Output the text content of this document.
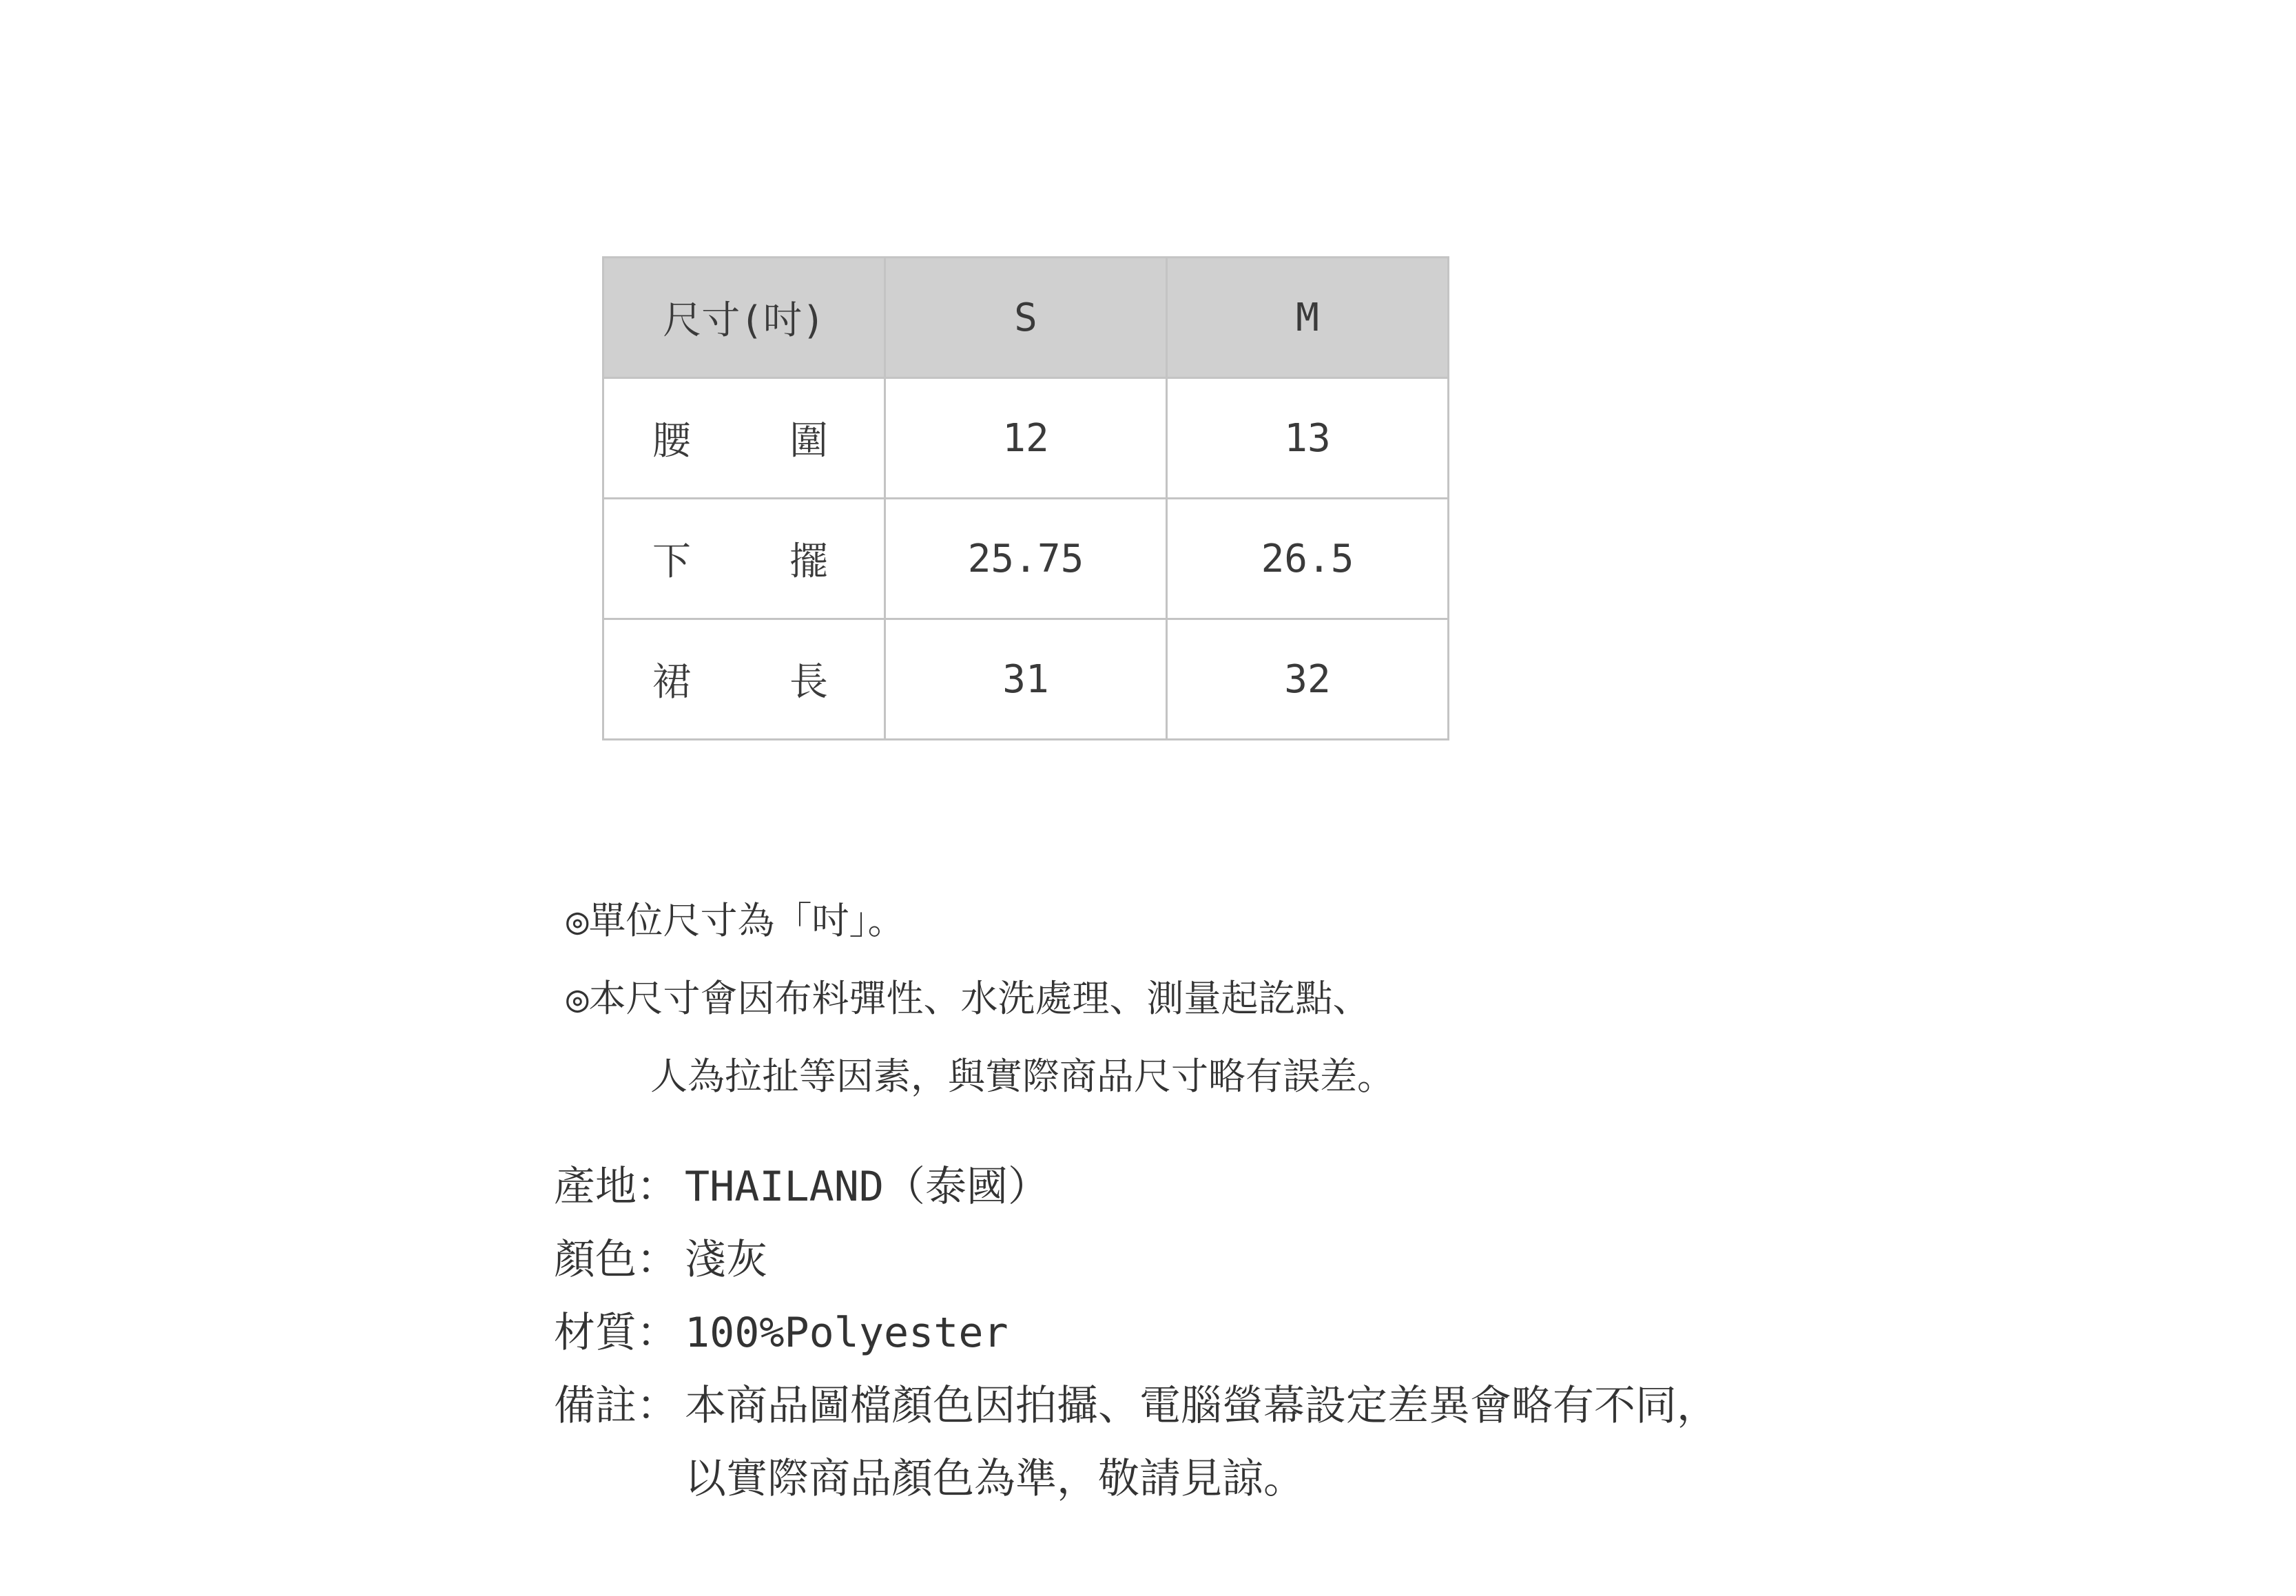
尺寸(吋)	S	M

腰 圍	12	13

下 擺	25.75	26.5

裙 長	31	32
◎單位尺寸為「吋」。
◎本尺寸會因布料彈性、水洗處理、測量起訖點、
人為拉扯等因素，與實際商品尺寸略有誤差。
產地： THAILAND（泰國）
顏色： 淺灰
材質： 100%Polyester
備註： 本商品圖檔顏色因拍攝、電腦螢幕設定差異會略有不同，
以實際商品顏色為準，敬請見諒。
